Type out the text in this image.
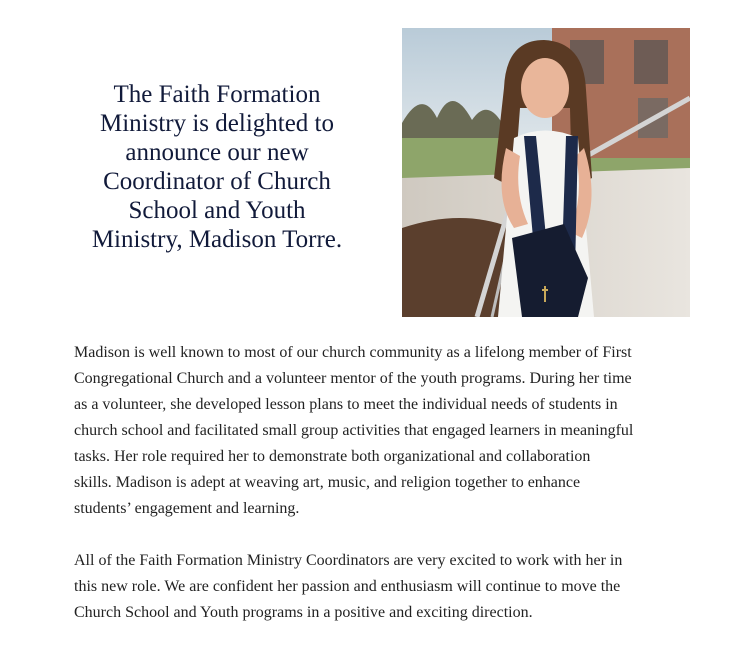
The Faith Formation
Ministry is delighted to
announce our new
Coordinator of Church
School and Youth
Ministry, Madison Torre.
Madison is well known to most of our church community as a lifelong member of First
Congregational Church and a volunteer mentor of the youth programs. During her time
as a volunteer, she developed lesson plans to meet the individual needs of students in
church school and facilitated small group activities that engaged learners in meaningful
tasks. Her role required her to demonstrate both organizational and collaboration
skills. Madison is adept at weaving art, music, and religion together to enhance
students’ engagement and learning.
All of the Faith Formation Ministry Coordinators are very excited to work with her in
this new role. We are confident her passion and enthusiasm will continue to move the
Church School and Youth programs in a positive and exciting direction.
